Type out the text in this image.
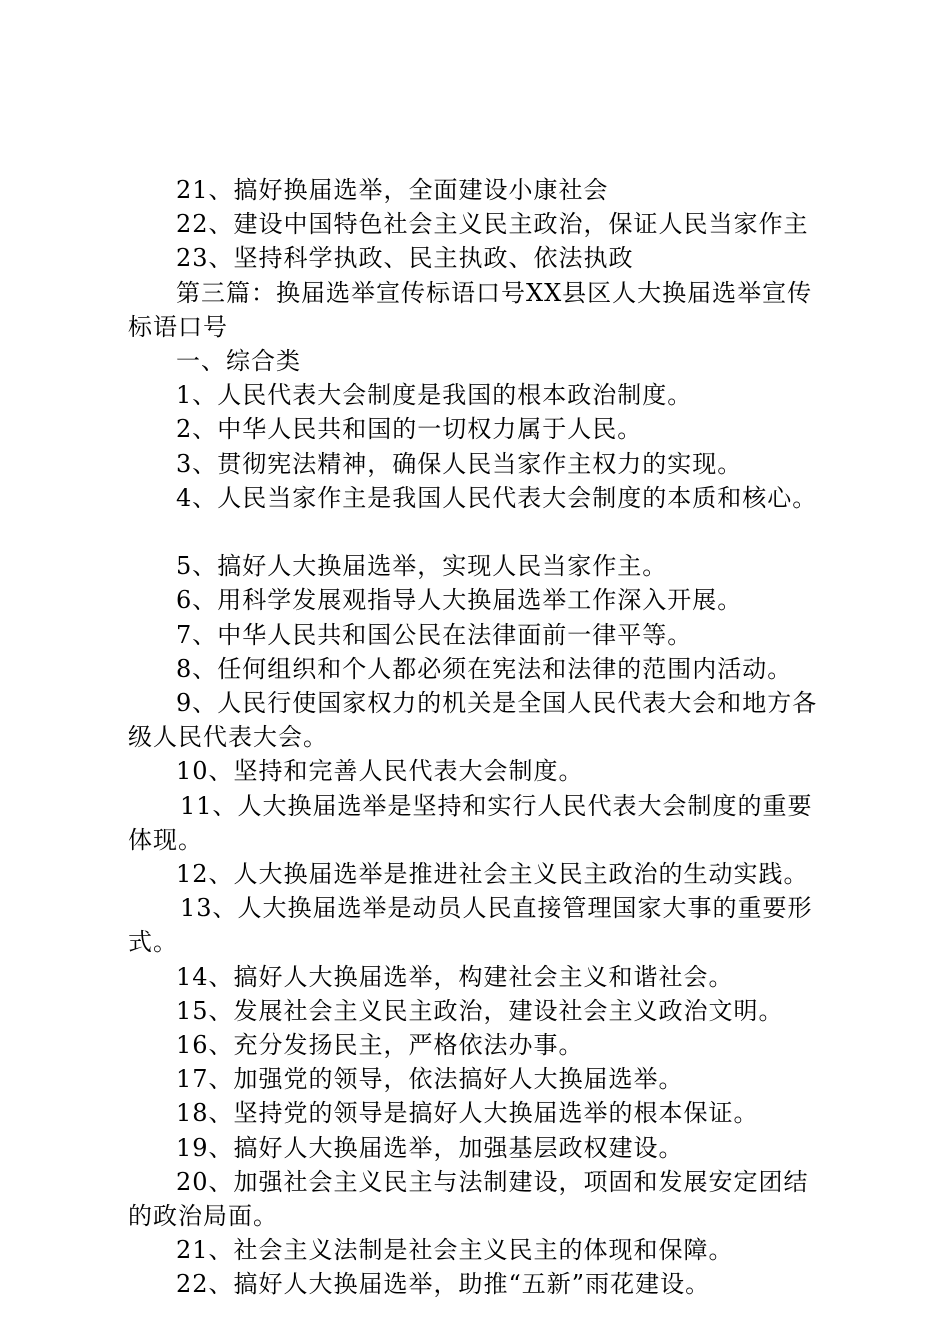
21、搞好换届选举，全面建设小康社会

22、建设中国特色社会主义民主政治，保证人民当家作主

23、坚持科学执政、民主执政、依法执政

第三篇：换届选举宣传标语口号XX县区人大换届选举宣传标语口号

一、综合类

1、人民代表大会制度是我国的根本政治制度。

2、中华人民共和国的一切权力属于人民。

3、贯彻宪法精神，确保人民当家作主权力的实现。

4、人民当家作主是我国人民代表大会制度的本质和核心。

5、搞好人大换届选举，实现人民当家作主。

6、用科学发展观指导人大换届选举工作深入开展。

7、中华人民共和国公民在法律面前一律平等。

8、任何组织和个人都必须在宪法和法律的范围内活动。

9、人民行使国家权力的机关是全国人民代表大会和地方各级人民代表大会。

10、坚持和完善人民代表大会制度。

11、人大换届选举是坚持和实行人民代表大会制度的重要体现。

12、人大换届选举是推进社会主义民主政治的生动实践。

13、人大换届选举是动员人民直接管理国家大事的重要形式。

14、搞好人大换届选举，构建社会主义和谐社会。

15、发展社会主义民主政治，建设社会主义政治文明。

16、充分发扬民主，严格依法办事。

17、加强党的领导，依法搞好人大换届选举。

18、坚持党的领导是搞好人大换届选举的根本保证。

19、搞好人大换届选举，加强基层政权建设。

20、加强社会主义民主与法制建设，项固和发展安定团结的政治局面。

21、社会主义法制是社会主义民主的体现和保障。

22、搞好人大换届选举，助推“五新”雨花建设。
